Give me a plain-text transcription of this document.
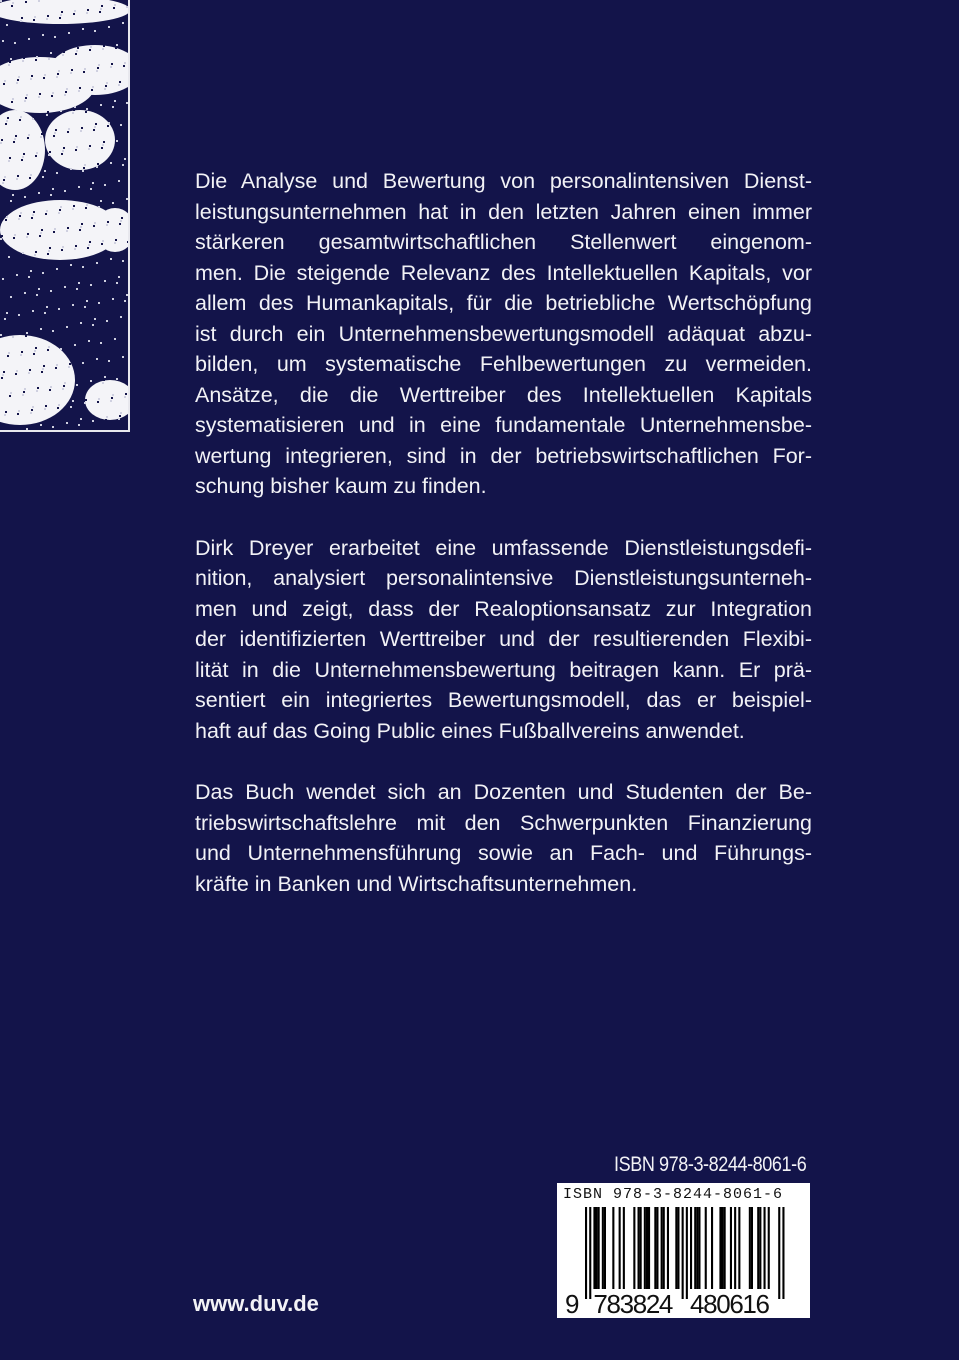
Die Analyse und Bewertung von personalintensiven Dienst-
leistungsunternehmen hat in den letzten Jahren einen immer
stärkeren gesamtwirtschaftlichen Stellenwert eingenom-
men. Die steigende Relevanz des Intellektuellen Kapitals, vor
allem des Humankapitals, für die betriebliche Wertschöpfung
ist durch ein Unternehmensbewertungsmodell adäquat abzu-
bilden, um systematische Fehlbewertungen zu vermeiden.
Ansätze, die die Werttreiber des Intellektuellen Kapitals
systematisieren und in eine fundamentale Unternehmensbe-
wertung integrieren, sind in der betriebswirtschaftlichen For-
schung bisher kaum zu finden.
Dirk Dreyer erarbeitet eine umfassende Dienstleistungsdefi-
nition, analysiert personalintensive Dienstleistungsunterneh-
men und zeigt, dass der Realoptionsansatz zur Integration
der identifizierten Werttreiber und der resultierenden Flexibi-
lität in die Unternehmensbewertung beitragen kann. Er prä-
sentiert ein integriertes Bewertungsmodell, das er beispiel-
haft auf das Going Public eines Fußballvereins anwendet.
Das Buch wendet sich an Dozenten und Studenten der Be-
triebswirtschaftslehre mit den Schwerpunkten Finanzierung
und Unternehmensführung sowie an Fach- und Führungs-
kräfte in Banken und Wirtschaftsunternehmen.
ISBN 978-3-8244-8061-6
9 783824 480616
ISBN 978-3-8244-8061-6
www.duv.de
